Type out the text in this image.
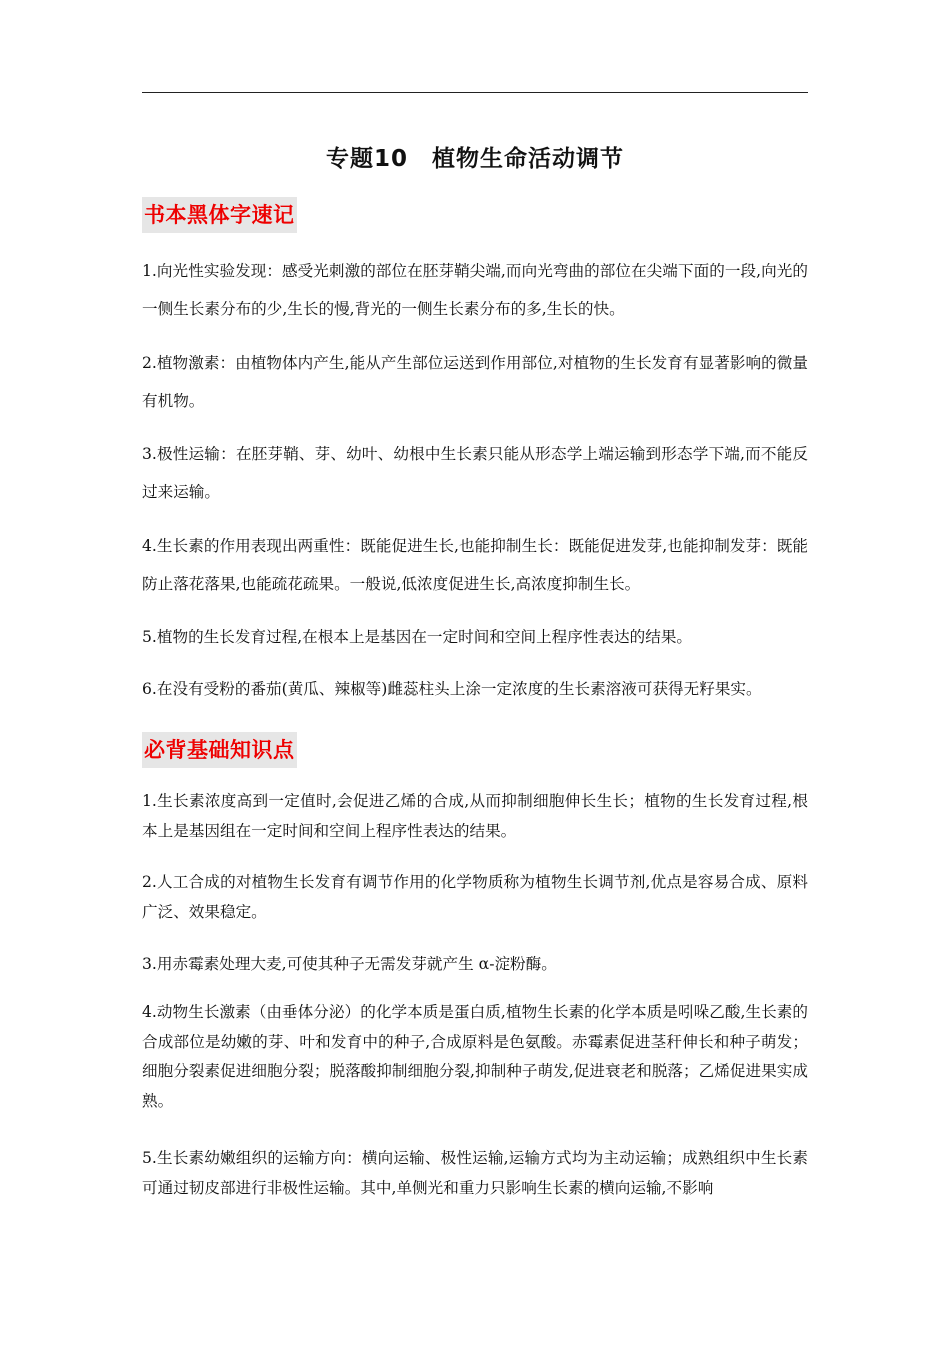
专题10　植物生命活动调节
书本黑体字速记

1.向光性实验发现：感受光刺激的部位在胚芽鞘尖端,而向光弯曲的部位在尖端下面的一段,向光的一侧生长素分布的少,生长的慢,背光的一侧生长素分布的多,生长的快。

2.植物激素：由植物体内产生,能从产生部位运送到作用部位,对植物的生长发育有显著影响的微量有机物。

3.极性运输：在胚芽鞘、芽、幼叶、幼根中生长素只能从形态学上端运输到形态学下端,而不能反过来运输。

4.生长素的作用表现出两重性：既能促进生长,也能抑制生长：既能促进发芽,也能抑制发芽：既能防止落花落果,也能疏花疏果。一般说,低浓度促进生长,高浓度抑制生长。

5.植物的生长发育过程,在根本上是基因在一定时间和空间上程序性表达的结果。

6.在没有受粉的番茄(黄瓜、辣椒等)雌蕊柱头上涂一定浓度的生长素溶液可获得无籽果实。

必背基础知识点

1.生长素浓度高到一定值时,会促进乙烯的合成,从而抑制细胞伸长生长；植物的生长发育过程,根本上是基因组在一定时间和空间上程序性表达的结果。

2.人工合成的对植物生长发育有调节作用的化学物质称为植物生长调节剂,优点是容易合成、原料广泛、效果稳定。

3.用赤霉素处理大麦,可使其种子无需发芽就产生 α-淀粉酶。

4.动物生长激素（由垂体分泌）的化学本质是蛋白质,植物生长素的化学本质是吲哚乙酸,生长素的合成部位是幼嫩的芽、叶和发育中的种子,合成原料是色氨酸。赤霉素促进茎秆伸长和种子萌发；细胞分裂素促进细胞分裂；脱落酸抑制细胞分裂,抑制种子萌发,促进衰老和脱落；乙烯促进果实成熟。

5.生长素幼嫩组织的运输方向：横向运输、极性运输,运输方式均为主动运输；成熟组织中生长素可通过韧皮部进行非极性运输。其中,单侧光和重力只影响生长素的横向运输,不影响
